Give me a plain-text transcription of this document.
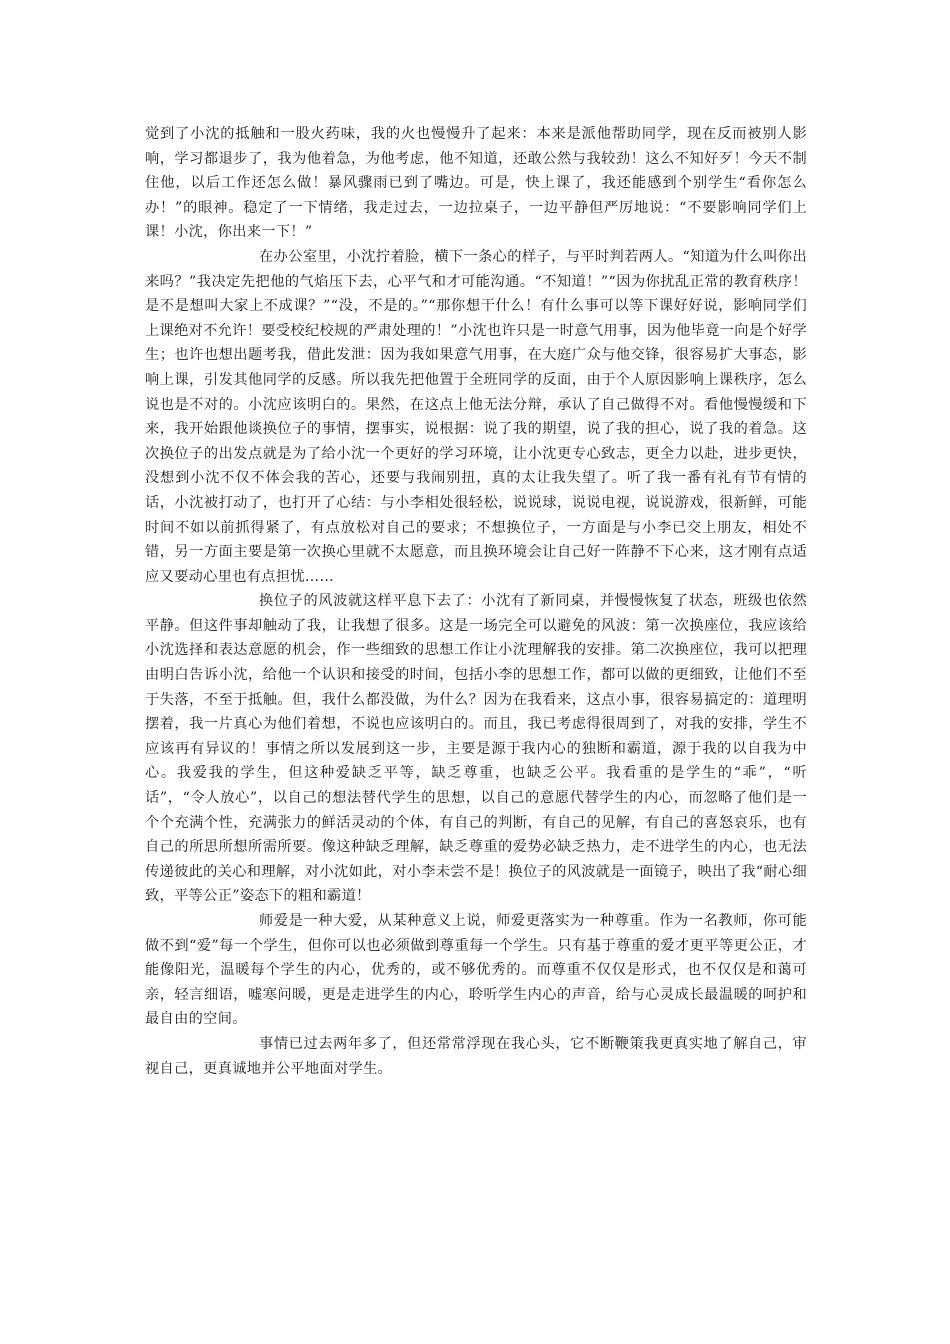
觉到了小沈的抵触和一股火药味，我的火也慢慢升了起来：本来是派他帮助同学，现在反而被别人影响，学习都退步了，我为他着急，为他考虑，他不知道，还敢公然与我较劲！这么不知好歹！今天不制住他，以后工作还怎么做！暴风骤雨已到了嘴边。可是，快上课了，我还能感到个别学生“看你怎么办！”的眼神。稳定了一下情绪，我走过去，一边拉桌子，一边平静但严厉地说：“不要影响同学们上课！小沈，你出来一下！”

在办公室里，小沈拧着脸，横下一条心的样子，与平时判若两人。“知道为什么叫你出来吗？”我决定先把他的气焰压下去，心平气和才可能沟通。“不知道！”“因为你扰乱正常的教育秩序！是不是想叫大家上不成课？”“没，不是的。”“那你想干什么！有什么事可以等下课好好说，影响同学们上课绝对不允许！要受校纪校规的严肃处理的！”小沈也许只是一时意气用事，因为他毕竟一向是个好学生；也许也想出题考我，借此发泄：因为我如果意气用事，在大庭广众与他交锋，很容易扩大事态，影响上课，引发其他同学的反感。所以我先把他置于全班同学的反面，由于个人原因影响上课秩序，怎么说也是不对的。小沈应该明白的。果然，在这点上他无法分辩，承认了自己做得不对。看他慢慢缓和下来，我开始跟他谈换位子的事情，摆事实，说根据：说了我的期望，说了我的担心，说了我的着急。这次换位子的出发点就是为了给小沈一个更好的学习环境，让小沈更专心致志，更全力以赴，进步更快，没想到小沈不仅不体会我的苦心，还要与我闹别扭，真的太让我失望了。听了我一番有礼有节有情的话，小沈被打动了，也打开了心结：与小李相处很轻松，说说球，说说电视，说说游戏，很新鲜，可能时间不如以前抓得紧了，有点放松对自己的要求；不想换位子，一方面是与小李已交上朋友，相处不错，另一方面主要是第一次换心里就不太愿意，而且换环境会让自己好一阵静不下心来，这才刚有点适应又要动心里也有点担忧……

换位子的风波就这样平息下去了：小沈有了新同桌，并慢慢恢复了状态，班级也依然平静。但这件事却触动了我，让我想了很多。这是一场完全可以避免的风波：第一次换座位，我应该给小沈选择和表达意愿的机会，作一些细致的思想工作让小沈理解我的安排。第二次换座位，我可以把理由明白告诉小沈，给他一个认识和接受的时间，包括小李的思想工作，都可以做的更细致，让他们不至于失落，不至于抵触。但，我什么都没做，为什么？因为在我看来，这点小事，很容易搞定的：道理明摆着，我一片真心为他们着想，不说也应该明白的。而且，我已考虑得很周到了，对我的安排，学生不应该再有异议的！事情之所以发展到这一步，主要是源于我内心的独断和霸道，源于我的以自我为中心。我爱我的学生，但这种爱缺乏平等，缺乏尊重，也缺乏公平。我看重的是学生的“乖”，“听话”，“令人放心”，以自己的想法替代学生的思想，以自己的意愿代替学生的内心，而忽略了他们是一个个充满个性，充满张力的鲜活灵动的个体，有自己的判断，有自己的见解，有自己的喜怒哀乐，也有自己的所思所想所需所要。像这种缺乏理解，缺乏尊重的爱势必缺乏热力，走不进学生的内心，也无法传递彼此的关心和理解，对小沈如此，对小李未尝不是！换位子的风波就是一面镜子，映出了我“耐心细致，平等公正”姿态下的粗和霸道！

师爱是一种大爱，从某种意义上说，师爱更落实为一种尊重。作为一名教师，你可能做不到“爱”每一个学生，但你可以也必须做到尊重每一个学生。只有基于尊重的爱才更平等更公正，才能像阳光，温暖每个学生的内心，优秀的，或不够优秀的。而尊重不仅仅是形式，也不仅仅是和蔼可亲，轻言细语，嘘寒问暖，更是走进学生的内心，聆听学生内心的声音，给与心灵成长最温暖的呵护和最自由的空间。

事情已过去两年多了，但还常常浮现在我心头，它不断鞭策我更真实地了解自己，审视自己，更真诚地并公平地面对学生。
